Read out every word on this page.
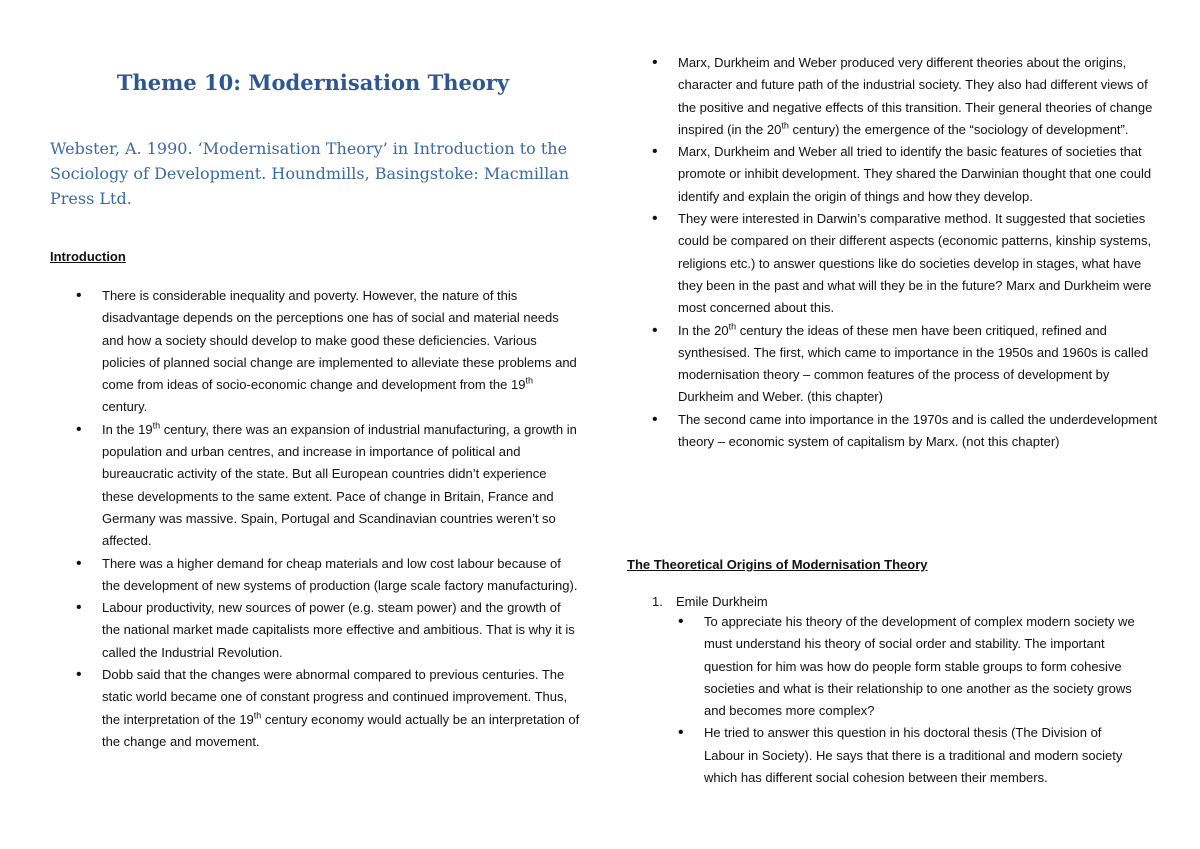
Theme 10: Modernisation Theory

Webster, A. 1990. ‘Modernisation Theory’ in Introduction to the Sociology of Development. Houndmills, Basingstoke: Macmillan Press Ltd.

Introduction
• There is considerable inequality and poverty. However, the nature of this disadvantage depends on the perceptions one has of social and material needs and how a society should develop to make good these deficiencies. Various policies of planned social change are implemented to alleviate these problems and come from ideas of socio-economic change and development from the 19th century.
• In the 19th century, there was an expansion of industrial manufacturing, a growth in population and urban centres, and increase in importance of political and bureaucratic activity of the state. But all European countries didn’t experience these developments to the same extent. Pace of change in Britain, France and Germany was massive. Spain, Portugal and Scandinavian countries weren’t so affected.
• There was a higher demand for cheap materials and low cost labour because of the development of new systems of production (large scale factory manufacturing).
• Labour productivity, new sources of power (e.g. steam power) and the growth of the national market made capitalists more effective and ambitious. That is why it is called the Industrial Revolution.
• Dobb said that the changes were abnormal compared to previous centuries. The static world became one of constant progress and continued improvement. Thus, the interpretation of the 19th century economy would actually be an interpretation of the change and movement.
• Marx, Durkheim and Weber produced very different theories about the origins, character and future path of the industrial society. They also had different views of the positive and negative effects of this transition. Their general theories of change inspired (in the 20th century) the emergence of the “sociology of development”.
• Marx, Durkheim and Weber all tried to identify the basic features of societies that promote or inhibit development. They shared the Darwinian thought that one could identify and explain the origin of things and how they develop.
• They were interested in Darwin’s comparative method. It suggested that societies could be compared on their different aspects (economic patterns, kinship systems, religions etc.) to answer questions like do societies develop in stages, what have they been in the past and what will they be in the future? Marx and Durkheim were most concerned about this.
• In the 20th century the ideas of these men have been critiqued, refined and synthesised. The first, which came to importance in the 1950s and 1960s is called modernisation theory – common features of the process of development by Durkheim and Weber. (this chapter)
• The second came into importance in the 1970s and is called the underdevelopment theory – economic system of capitalism by Marx. (not this chapter)
The Theoretical Origins of Modernisation Theory

1. Emile Durkheim

• To appreciate his theory of the development of complex modern society we must understand his theory of social order and stability. The important question for him was how do people form stable groups to form cohesive societies and what is their relationship to one another as the society grows and becomes more complex?
• He tried to answer this question in his doctoral thesis (The Division of Labour in Society). He says that there is a traditional and modern society which has different social cohesion between their members.
